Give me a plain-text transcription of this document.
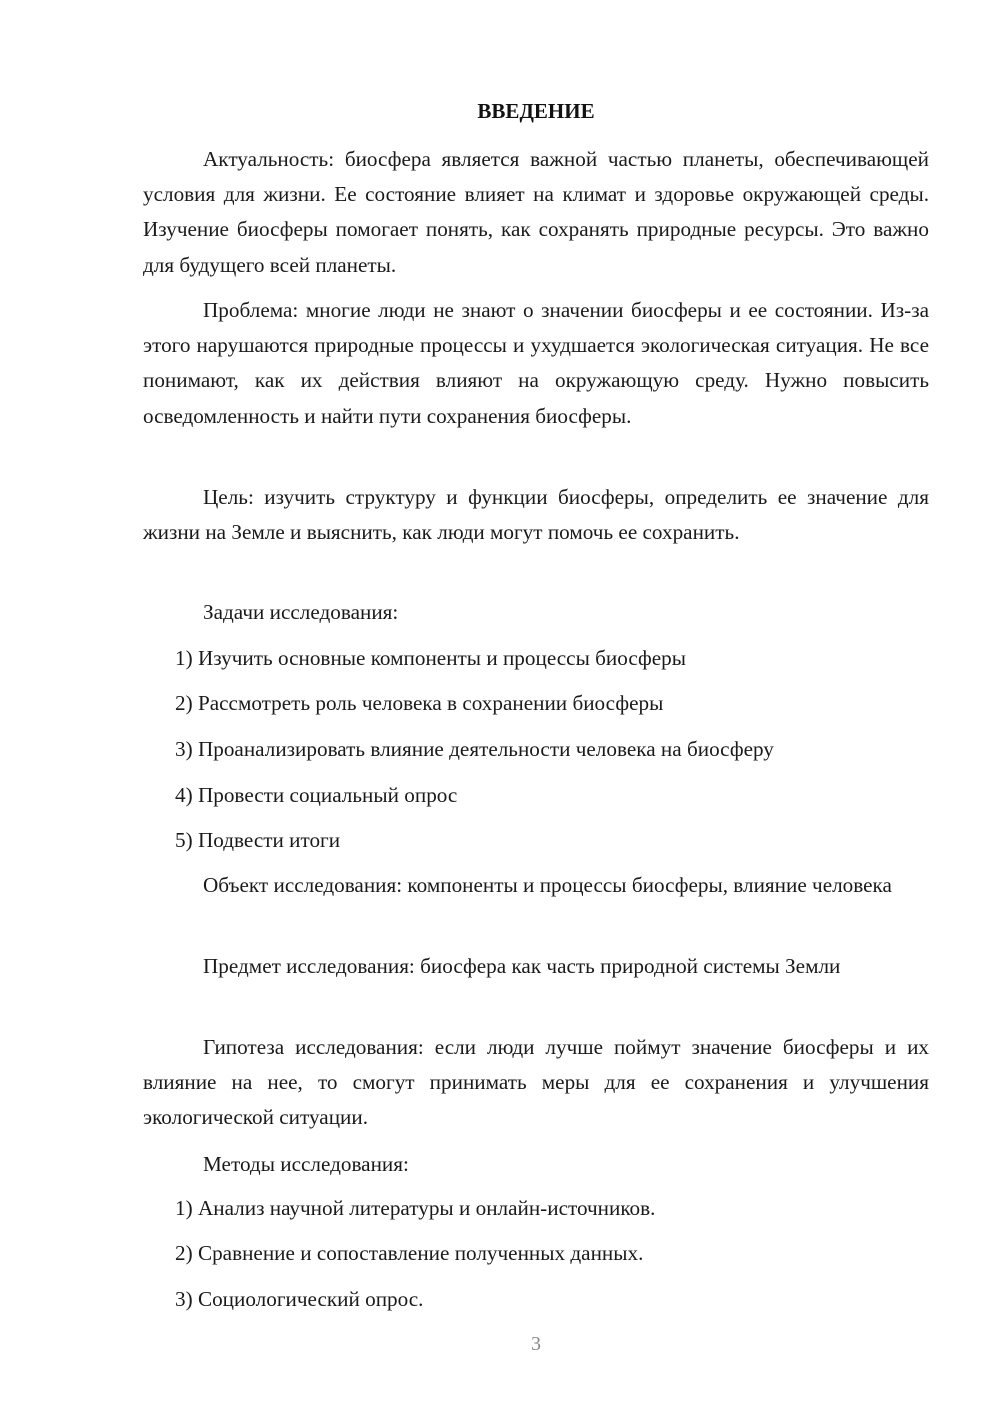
ВВЕДЕНИЕ

Актуальность: биосфера является важной частью планеты, обеспечивающей условия для жизни. Ее состояние влияет на климат и здоровье окружающей среды. Изучение биосферы помогает понять, как сохранять природные ресурсы. Это важно для будущего всей планеты.

Проблема: многие люди не знают о значении биосферы и ее состоянии. Из-за этого нарушаются природные процессы и ухудшается экологическая ситуация. Не все понимают, как их действия влияют на окружающую среду. Нужно повысить осведомленность и найти пути сохранения биосферы.

Цель: изучить структуру и функции биосферы, определить ее значение для жизни на Земле и выяснить, как люди могут помочь ее сохранить.

Задачи исследования:

1) Изучить основные компоненты и процессы биосферы

2) Рассмотреть роль человека в сохранении биосферы

3) Проанализировать влияние деятельности человека на биосферу

4) Провести социальный опрос

5) Подвести итоги

Объект исследования: компоненты и процессы биосферы, влияние человека

Предмет исследования: биосфера как часть природной системы Земли

Гипотеза исследования: если люди лучше поймут значение биосферы и их влияние на нее, то смогут принимать меры для ее сохранения и улучшения экологической ситуации.

Методы исследования:

1) Анализ научной литературы и онлайн-источников.

2) Сравнение и сопоставление полученных данных.

3) Социологический опрос.

3
